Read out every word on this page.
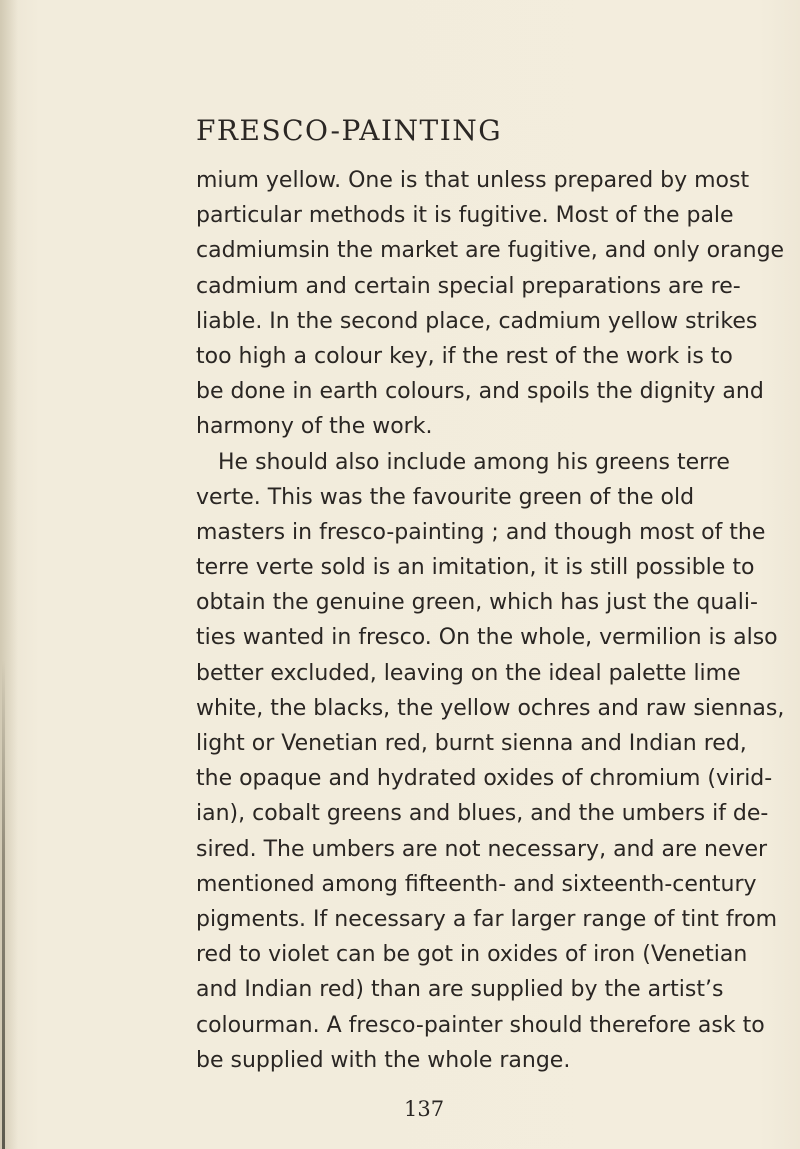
FRESCO-PAINTING
mium yellow. One is that unless prepared by most
particular methods it is fugitive. Most of the pale
cadmiumsin the market are fugitive, and only orange
cadmium and certain special preparations are re-
liable. In the second place, cadmium yellow strikes
too high a colour key, if the rest of the work is to
be done in earth colours, and spoils the dignity and
harmony of the work.
He should also include among his greens terre
verte. This was the favourite green of the old
masters in fresco-painting ; and though most of the
terre verte sold is an imitation, it is still possible to
obtain the genuine green, which has just the quali-
ties wanted in fresco. On the whole, vermilion is also
better excluded, leaving on the ideal palette lime
white, the blacks, the yellow ochres and raw siennas,
light or Venetian red, burnt sienna and Indian red,
the opaque and hydrated oxides of chromium (virid-
ian), cobalt greens and blues, and the umbers if de-
sired. The umbers are not necessary, and are never
mentioned among fifteenth- and sixteenth-century
pigments. If necessary a far larger range of tint from
red to violet can be got in oxides of iron (Venetian
and Indian red) than are supplied by the artist’s
colourman. A fresco-painter should therefore ask to
be supplied with the whole range.
137
